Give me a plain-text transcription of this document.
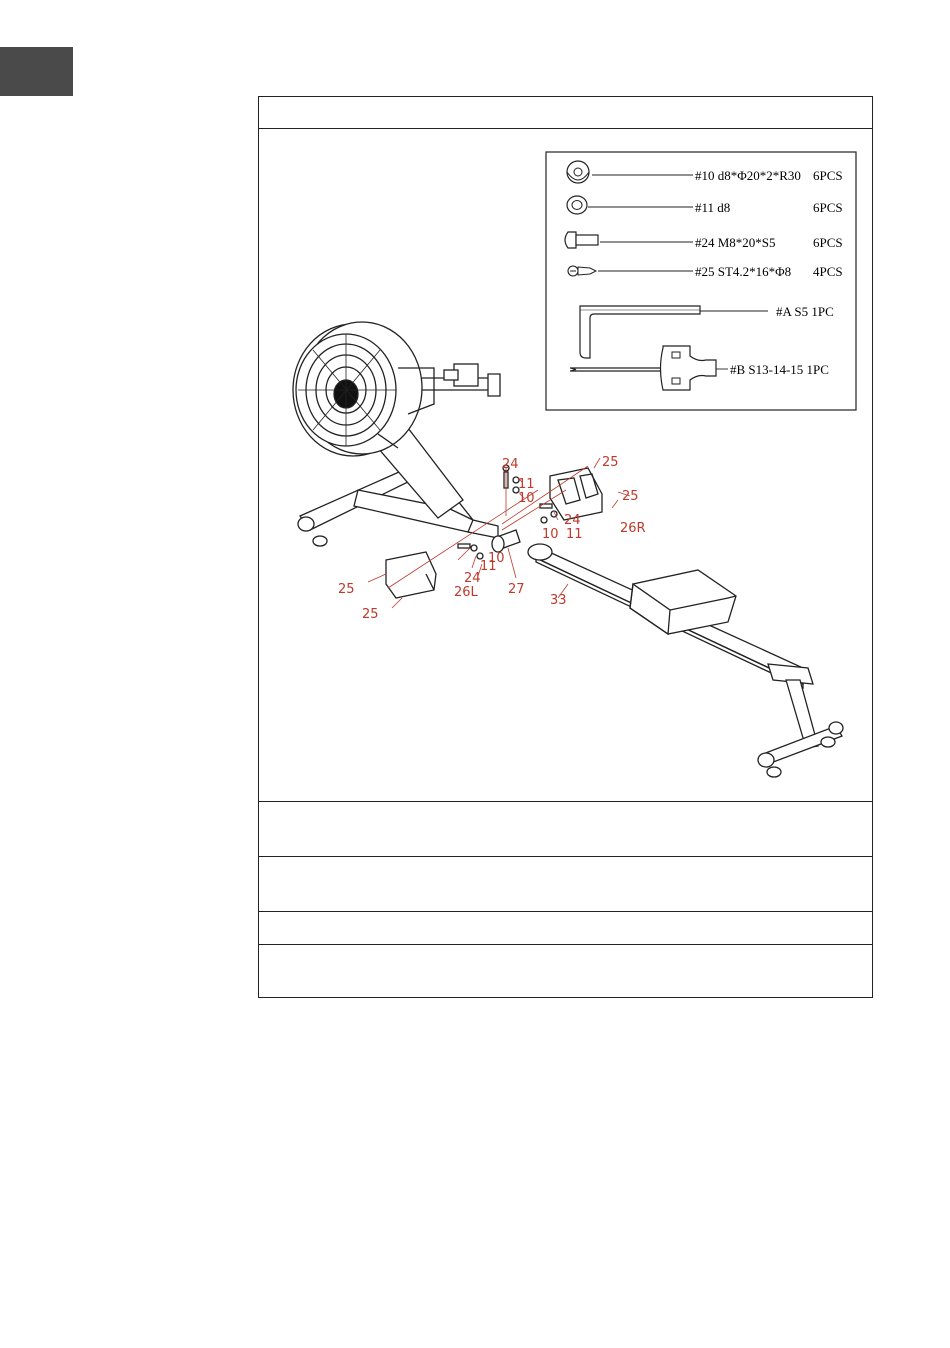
#10 d8*Φ20*2*R30 6PCS
#11 d8	6PCS
#24 M8*20*S5	6PCS
#25 ST4.2*16*Φ8 4PCS
#A S5 1PC
#B S13-14-15 1PC
24
11
10
25
25
24
11	26R
10
11
24
27
10
33
25	26L
25
